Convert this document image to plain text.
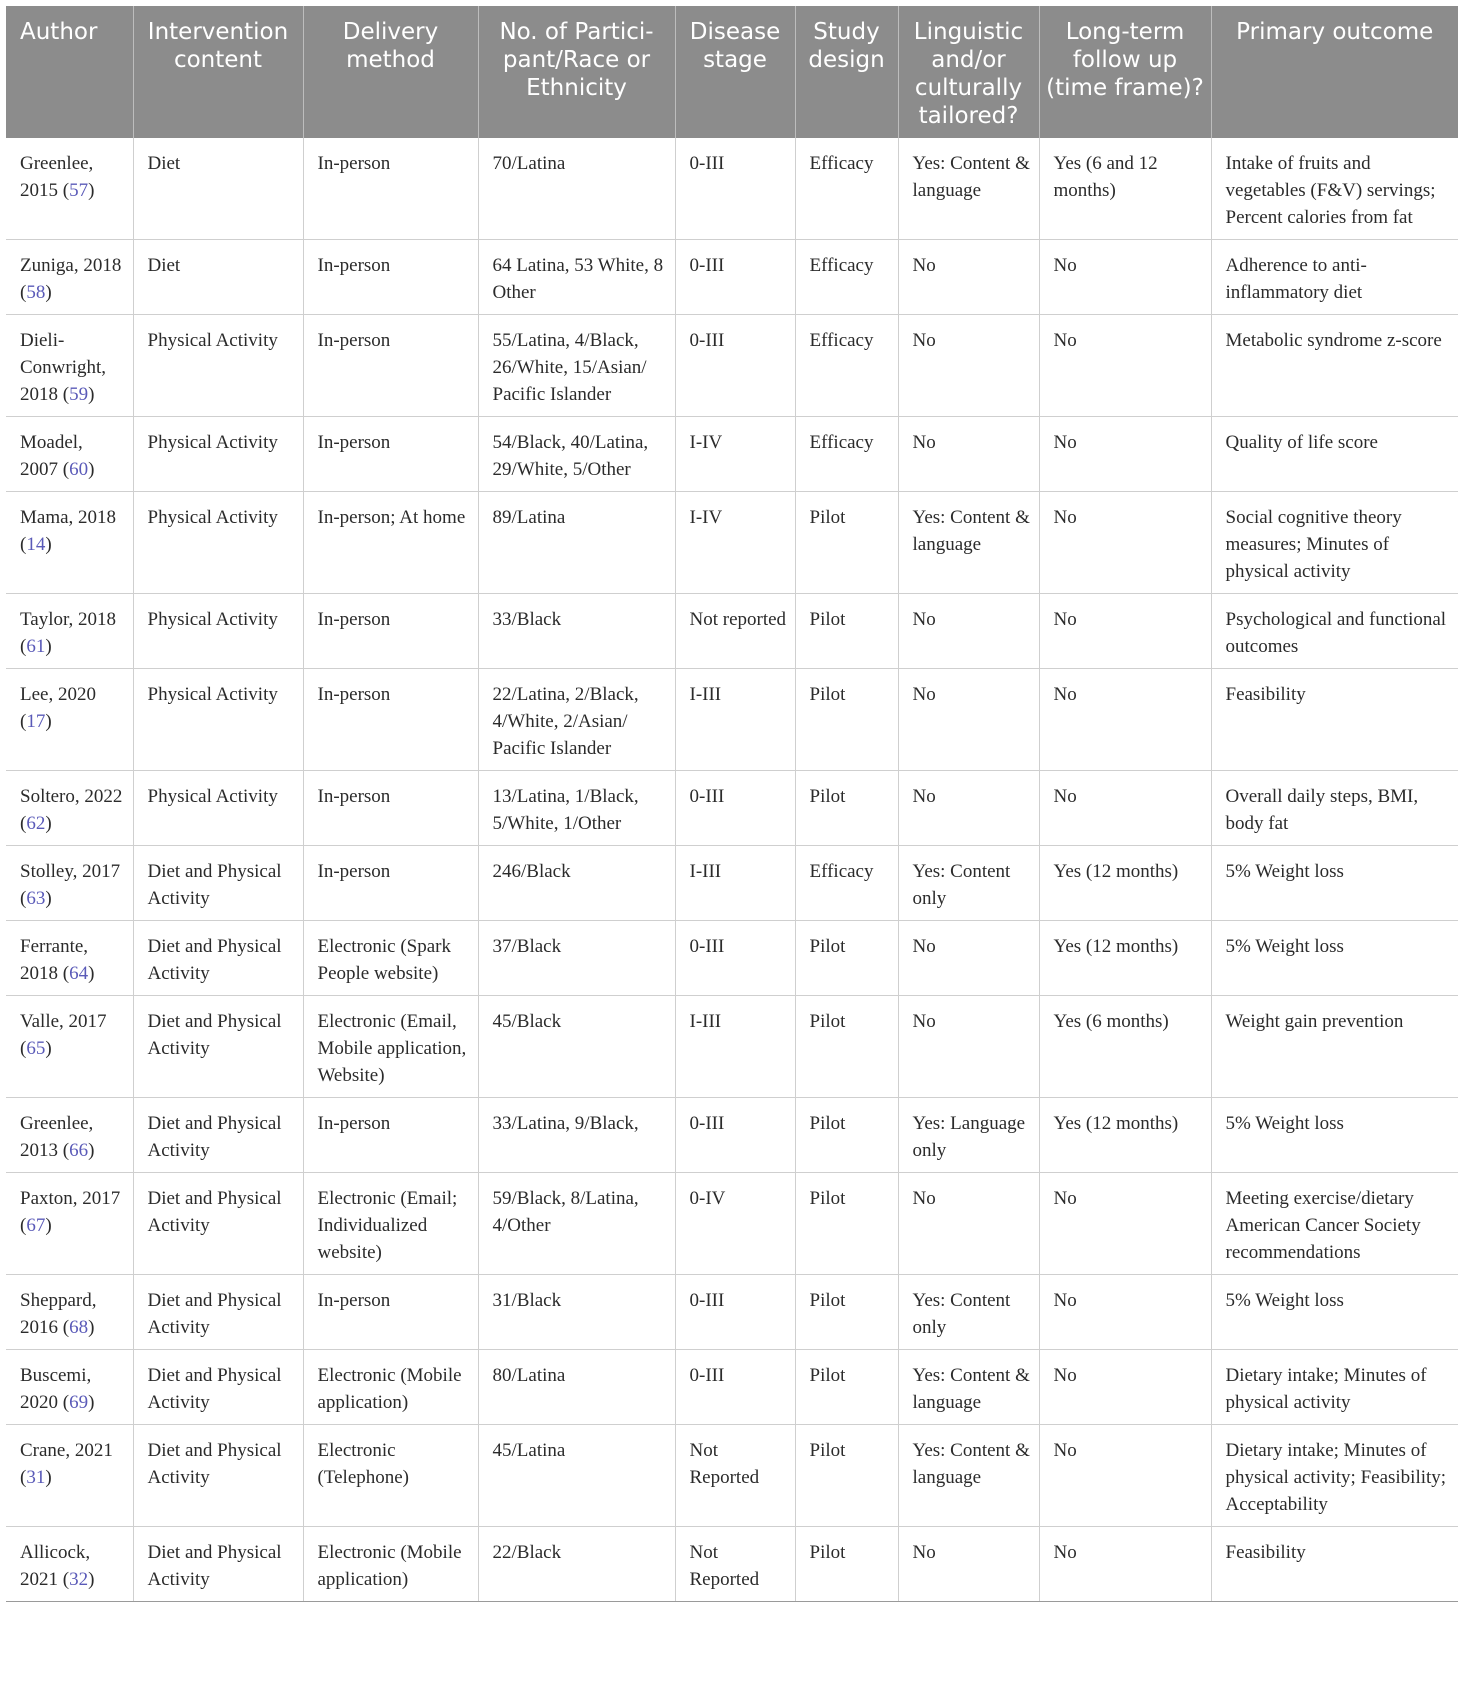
Author	Intervention content	Delivery method	No. of Partici-pant/Race or Ethnicity	Disease stage	Study design	Linguistic and/or culturally tailored?	Long-term follow up (time frame)?	Primary outcome
Greenlee, 2015 (57)	Diet	In-person	70/Latina	0-III	Efficacy	Yes: Content & language	Yes (6 and 12 months)	Intake of fruits and vegetables (F&V) servings; Percent calories from fat
Zuniga, 2018 (58)	Diet	In-person	64 Latina, 53 White, 8 Other	0-III	Efficacy	No	No	Adherence to anti-inflammatory diet
Dieli-Conwright, 2018 (59)	Physical Activity	In-person	55/Latina, 4/Black, 26/White, 15/Asian/ Pacific Islander	0-III	Efficacy	No	No	Metabolic syndrome z-score
Moadel, 2007 (60)	Physical Activity	In-person	54/Black, 40/Latina, 29/White, 5/Other	I-IV	Efficacy	No	No	Quality of life score
Mama, 2018 (14)	Physical Activity	In-person; At home	89/Latina	I-IV	Pilot	Yes: Content & language	No	Social cognitive theory measures; Minutes of physical activity
Taylor, 2018 (61)	Physical Activity	In-person	33/Black	Not reported	Pilot	No	No	Psychological and functional outcomes
Lee, 2020 (17)	Physical Activity	In-person	22/Latina, 2/Black, 4/White, 2/Asian/ Pacific Islander	I-III	Pilot	No	No	Feasibility
Soltero, 2022 (62)	Physical Activity	In-person	13/Latina, 1/Black, 5/White, 1/Other	0-III	Pilot	No	No	Overall daily steps, BMI, body fat
Stolley, 2017 (63)	Diet and Physical Activity	In-person	246/Black	I-III	Efficacy	Yes: Content only	Yes (12 months)	5% Weight loss
Ferrante, 2018 (64)	Diet and Physical Activity	Electronic (Spark People website)	37/Black	0-III	Pilot	No	Yes (12 months)	5% Weight loss
Valle, 2017 (65)	Diet and Physical Activity	Electronic (Email, Mobile application, Website)	45/Black	I-III	Pilot	No	Yes (6 months)	Weight gain prevention
Greenlee, 2013 (66)	Diet and Physical Activity	In-person	33/Latina, 9/Black,	0-III	Pilot	Yes: Language only	Yes (12 months)	5% Weight loss
Paxton, 2017 (67)	Diet and Physical Activity	Electronic (Email; Individualized website)	59/Black, 8/Latina, 4/Other	0-IV	Pilot	No	No	Meeting exercise/dietary American Cancer Society recommendations
Sheppard, 2016 (68)	Diet and Physical Activity	In-person	31/Black	0-III	Pilot	Yes: Content only	No	5% Weight loss
Buscemi, 2020 (69)	Diet and Physical Activity	Electronic (Mobile application)	80/Latina	0-III	Pilot	Yes: Content & language	No	Dietary intake; Minutes of physical activity
Crane, 2021 (31)	Diet and Physical Activity	Electronic (Telephone)	45/Latina	Not Reported	Pilot	Yes: Content & language	No	Dietary intake; Minutes of physical activity; Feasibility; Acceptability
Allicock, 2021 (32)	Diet and Physical Activity	Electronic (Mobile application)	22/Black	Not Reported	Pilot	No	No	Feasibility
